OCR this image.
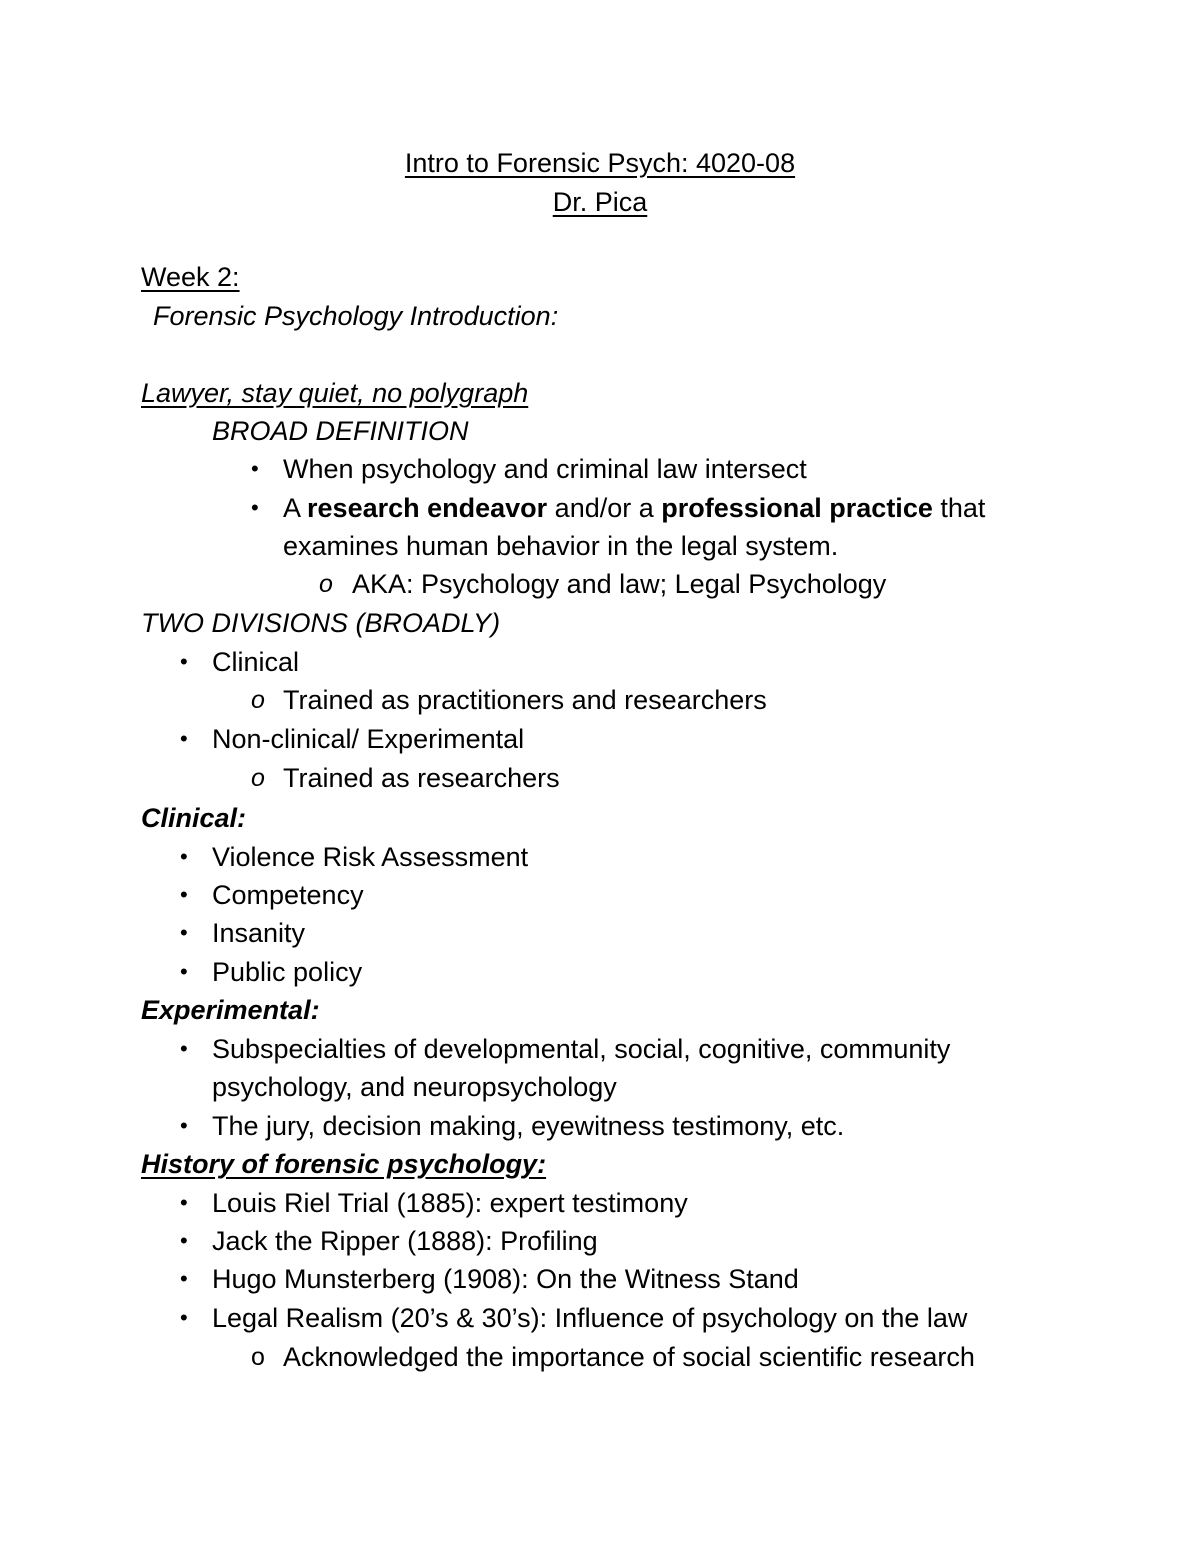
Intro to Forensic Psych: 4020-08
Dr. Pica
Week 2:
Forensic Psychology Introduction:
Lawyer, stay quiet, no polygraph
BROAD DEFINITION
• When psychology and criminal law intersect
• A research endeavor and/or a professional practice that
examines human behavior in the legal system.
o AKA: Psychology and law; Legal Psychology
TWO DIVISIONS (BROADLY)
• Clinical
o Trained as practitioners and researchers
• Non-clinical/ Experimental
o Trained as researchers
Clinical:
• Violence Risk Assessment
• Competency
• Insanity
• Public policy
Experimental:
• Subspecialties of developmental, social, cognitive, community
psychology, and neuropsychology
• The jury, decision making, eyewitness testimony, etc.
History of forensic psychology:
• Louis Riel Trial (1885): expert testimony
• Jack the Ripper (1888): Profiling
• Hugo Munsterberg (1908): On the Witness Stand
• Legal Realism (20’s & 30’s): Influence of psychology on the law
o Acknowledged the importance of social scientific research
